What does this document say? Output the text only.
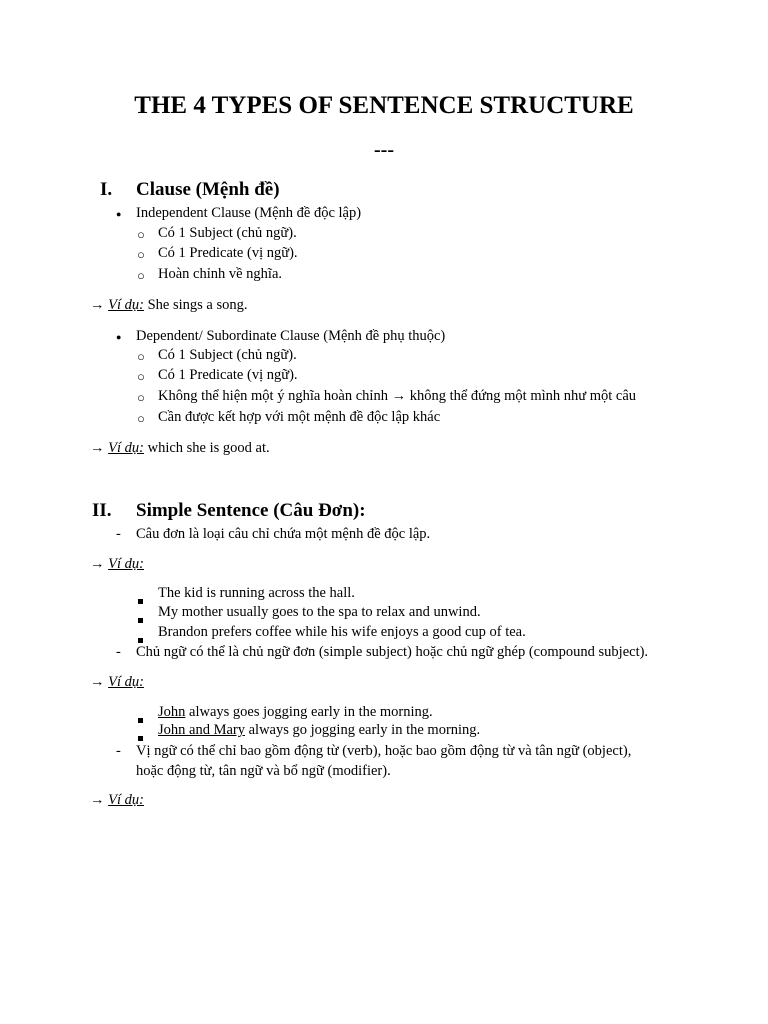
THE 4 TYPES OF SENTENCE STRUCTURE
---
I. Clause (Mệnh đề)
● Independent Clause (Mệnh đề độc lập)
○ Có 1 Subject (chủ ngữ).
○ Có 1 Predicate (vị ngữ).
○ Hoàn chỉnh về nghĩa.
→ Ví dụ: She sings a song.
● Dependent/ Subordinate Clause (Mệnh đề phụ thuộc)
○ Có 1 Subject (chủ ngữ).
○ Có 1 Predicate (vị ngữ).
○ Không thể hiện một ý nghĩa hoàn chỉnh → không thể đứng một mình như một câu
○ Cần được kết hợp với một mệnh đề độc lập khác
→ Ví dụ: which she is good at.
II. Simple Sentence (Câu Đơn):
- Câu đơn là loại câu chỉ chứa một mệnh đề độc lập.
→ Ví dụ:
The kid is running across the hall.
My mother usually goes to the spa to relax and unwind.
Brandon prefers coffee while his wife enjoys a good cup of tea.
- Chủ ngữ có thể là chủ ngữ đơn (simple subject) hoặc chủ ngữ ghép (compound subject).
→ Ví dụ:
John always goes jogging early in the morning.
John and Mary always go jogging early in the morning.
- Vị ngữ có thể chỉ bao gồm động từ (verb), hoặc bao gồm động từ và tân ngữ (object),
hoặc động từ, tân ngữ và bổ ngữ (modifier).
→ Ví dụ:
